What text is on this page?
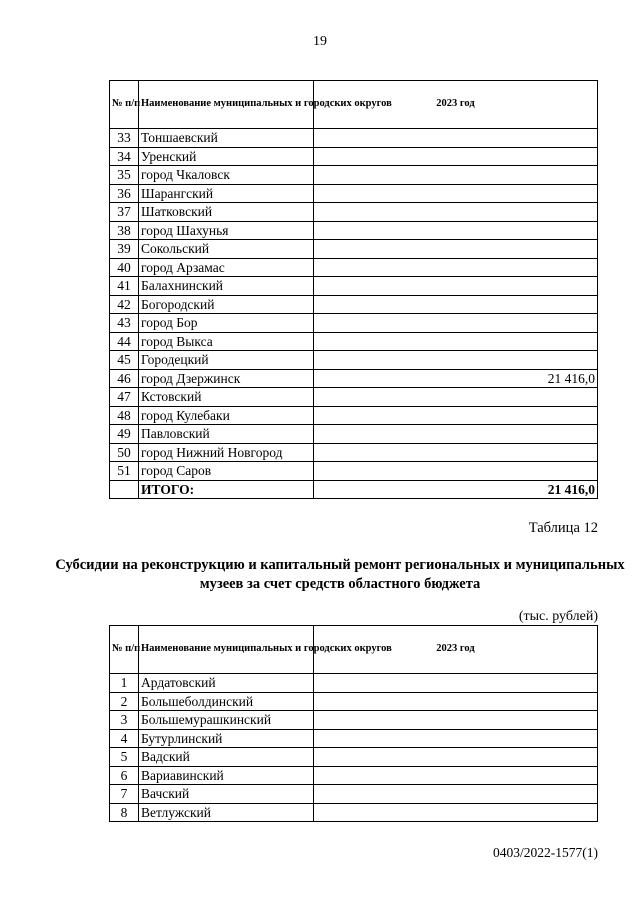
19
№ п/п	Наименование муниципальных и городских округов	2023 год
33	Тоншаевский	
34	Уренский	
35	город Чкаловск	
36	Шарангский	
37	Шатковский	
38	город Шахунья	
39	Сокольский	
40	город Арзамас	
41	Балахнинский	
42	Богородский	
43	город Бор	
44	город Выкса	
45	Городецкий	
46	город Дзержинск	21 416,0
47	Кстовский	
48	город Кулебаки	
49	Павловский	
50	город Нижний Новгород	
51	город Саров	
	ИТОГО:	21 416,0
Таблица 12
Субсидии на реконструкцию и капитальный ремонт региональных и муниципальных музеев за счет средств областного бюджета
(тыс. рублей)
№ п/п	Наименование муниципальных и городских округов	2023 год
1	Ардатовский	
2	Большеболдинский	
3	Большемурашкинский	
4	Бутурлинский	
5	Вадский	
6	Вариавинский	
7	Вачский	
8	Ветлужский	
0403/2022-1577(1)
